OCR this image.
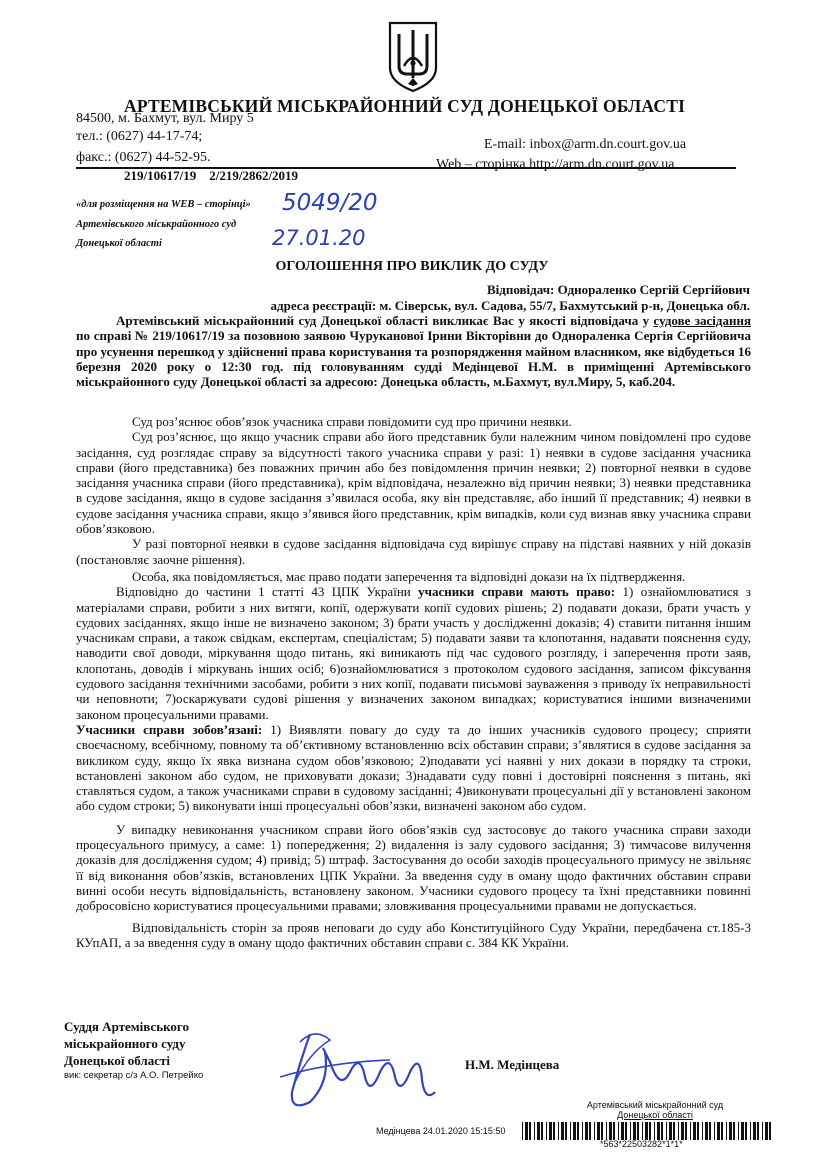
АРТЕМІВСЬКИЙ МІСЬКРАЙОННИЙ СУД ДОНЕЦЬКОЇ ОБЛАСТІ
84500, м. Бахмут, вул. Миру 5
тел.: (0627) 44-17-74;
E-mail: inbox@arm.dn.court.gov.ua
факс.: (0627) 44-52-95.	Web – сторінка http://arm.dn.court.gov.ua
219/10617/19    2/219/2862/2019
«для розміщення на WEB – сторінці»
Артемівського міськрайонного суд
Донецької області
5049/20
27.01.20
ОГОЛОШЕННЯ ПРО ВИКЛИК ДО СУДУ
Відповідач: Однораленко Сергій Сергійович
адреса реєстрації: м. Сіверськ, вул. Садова, 55/7, Бахмутський р-н, Донецька обл.

Артемівський міськрайонний суд Донецької області викликає Вас у якості відповідача у судове засідання по справі № 219/10617/19 за позовною заявою Чуруканової Ірини Вікторівни до Однораленка Сергія Сергійовича про усунення перешкод у здійсненні права користування та розпорядження майном власником, яке відбудеться 16 березня 2020 року о 12:30 год. під головуванням судді Медінцевої Н.М. в приміщенні Артемівського міськрайонного суду Донецької області за адресою: Донецька область, м.Бахмут, вул.Миру, 5, каб.204.

Суд роз’яснює обов’язок учасника справи повідомити суд про причини неявки.

Суд роз’яснює, що якщо учасник справи або його представник були належним чином повідомлені про судове засідання, суд розглядає справу за відсутності такого учасника справи у разі: 1) неявки в судове засідання учасника справи (його представника) без поважних причин або без повідомлення причин неявки; 2) повторної неявки в судове засідання учасника справи (його представника), крім відповідача, незалежно від причин неявки; 3) неявки представника в судове засідання, якщо в судове засідання з’явилася особа, яку він представляє, або інший її представник; 4) неявки в судове засідання учасника справи, якщо з’явився його представник, крім випадків, коли суд визнав явку учасника справи обов’язковою.

У разі повторної неявки в судове засідання відповідача суд вирішує справу на підставі наявних у ній доказів (постановляє заочне рішення).

Особа, яка повідомляється, має право подати заперечення та відповідні докази на їх підтвердження.

Відповідно до частини 1 статті 43 ЦПК України учасники справи мають право: 1) ознайомлюватися з матеріалами справи, робити з них витяги, копії, одержувати копії судових рішень; 2) подавати докази, брати участь у судових засіданнях, якщо інше не визначено законом; 3) брати участь у дослідженні доказів; 4) ставити питання іншим учасникам справи, а також свідкам, експертам, спеціалістам; 5) подавати заяви та клопотання, надавати пояснення суду, наводити свої доводи, міркування щодо питань, які виникають під час судового розгляду, і заперечення проти заяв, клопотань, доводів і міркувань інших осіб; 6)ознайомлюватися з протоколом судового засідання, записом фіксування судового засідання технічними засобами, робити з них копії, подавати письмові зауваження з приводу їх неправильності чи неповноти; 7)оскаржувати судові рішення у визначених законом випадках; користуватися іншими визначеними законом процесуальними правами.

Учасники справи зобов’язані: 1) Виявляти повагу до суду та до інших учасників судового процесу; сприяти своєчасному, всебічному, повному та об’єктивному встановленню всіх обставин справи; з’являтися в судове засідання за викликом суду, якщо їх явка визнана судом обов’язковою; 2)подавати усі наявні у них докази в порядку та строки, встановлені законом або судом, не приховувати докази; 3)надавати суду повні і достовірні пояснення з питань, які ставляться судом, а також учасниками справи в судовому засіданні; 4)виконувати процесуальні дії у встановлені законом або судом строки; 5) виконувати інші процесуальні обов’язки, визначені законом або судом.

У випадку невиконання учасником справи його обов’язків суд застосовує до такого учасника справи заходи процесуального примусу, а саме: 1) попередження; 2) видалення із залу судового засідання; 3) тимчасове вилучення доказів для дослідження судом; 4) привід; 5) штраф. Застосування до особи заходів процесуального примусу не звільняє її від виконання обов’язків, встановлених ЦПК України. За введення суду в оману щодо фактичних обставин справи винні особи несуть відповідальність, встановлену законом. Учасники судового процесу та їхні представники повинні добросовісно користуватися процесуальними правами; зловживання процесуальними правами не допускається.

Відповідальність сторін за прояв неповаги до суду або Конституційного Суду України, передбачена ст.185-3 КУпАП, а за введення суду в оману щодо фактичних обставин справи с. 384 КК України.

Суддя Артемівського
міськрайонного суду
Донецької області
вик: секретар с/з А.О. Петрейко
Н.М. Медінцева
Артемівський міськрайонний суд
Донецької області
Медінцева 24.01.2020 15:15:50
*563*22503282*1*1*
